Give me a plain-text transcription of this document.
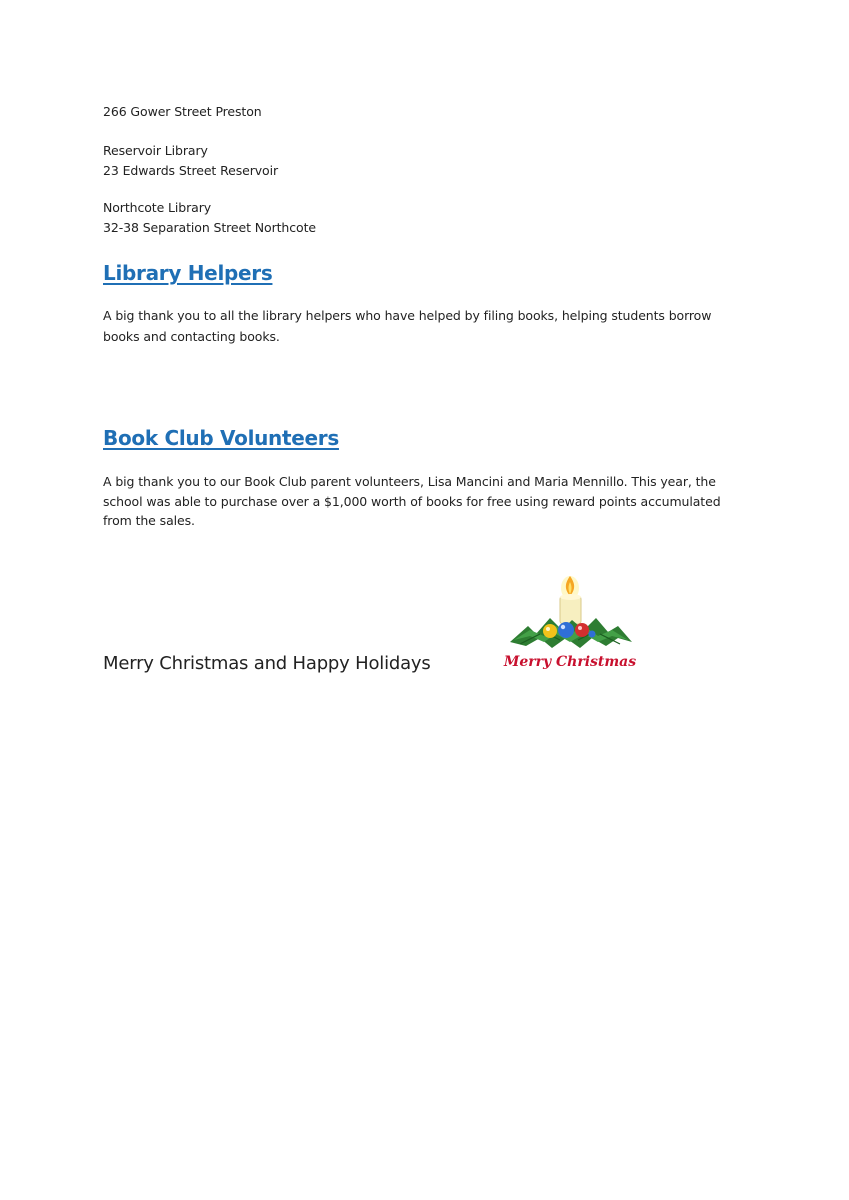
266 Gower Street Preston
Reservoir Library
23 Edwards Street Reservoir
Northcote Library
32-38 Separation Street Northcote
Library Helpers
A big thank you to all the library helpers who have helped by filing books, helping students borrow
books and contacting books.
Book Club Volunteers
A big thank you to our Book Club parent volunteers, Lisa Mancini and Maria Mennillo. This year, the
school was able to purchase over a $1,000 worth of books for free using reward points accumulated
from the sales.
Merry Christmas and Happy Holidays	Merry Christmas
